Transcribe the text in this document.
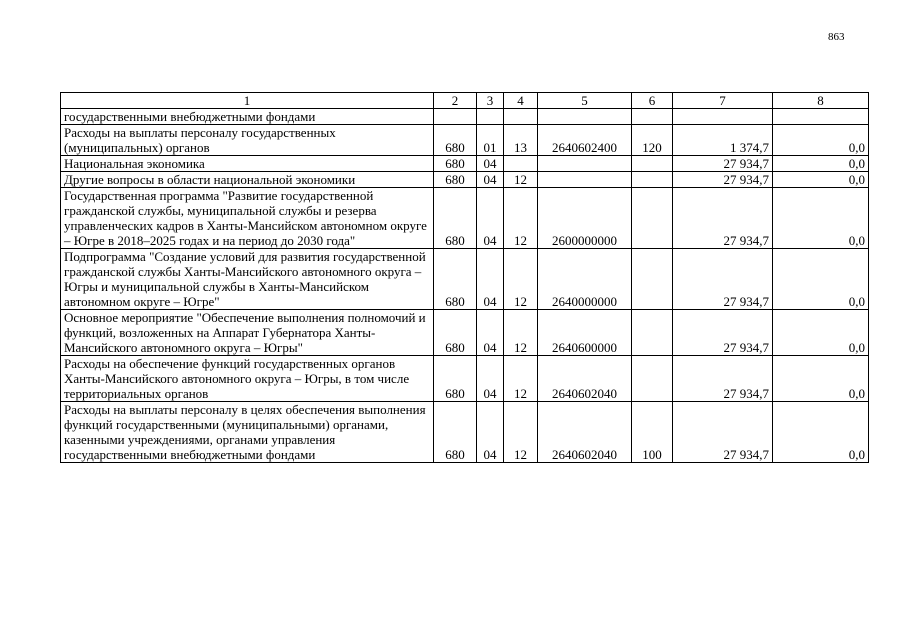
863
1	2	3	4	5	6	7	8
государственными внебюджетными фондами							
Расходы на выплаты персоналу государственных (муниципальных) органов	680	01	13	2640602400	120	1 374,7	0,0
Национальная экономика	680	04				27 934,7	0,0
Другие вопросы в области национальной экономики	680	04	12			27 934,7	0,0
Государственная программа "Развитие государственной гражданской службы, муниципальной службы и резерва управленческих кадров в Ханты-Мансийском автономном округе – Югре в 2018–2025 годах и на период до 2030 года"	680	04	12	2600000000		27 934,7	0,0
Подпрограмма "Создание условий для развития государственной гражданской службы Ханты-Мансийского автономного округа – Югры и муниципальной службы в Ханты-Мансийском автономном округе – Югре"	680	04	12	2640000000		27 934,7	0,0
Основное мероприятие "Обеспечение выполнения полномочий и функций, возложенных на Аппарат Губернатора Ханты-Мансийского автономного округа – Югры"	680	04	12	2640600000		27 934,7	0,0
Расходы на обеспечение функций государственных органов Ханты-Мансийского автономного округа – Югры, в том числе территориальных органов	680	04	12	2640602040		27 934,7	0,0
Расходы на выплаты персоналу в целях обеспечения выполнения функций государственными (муниципальными) органами, казенными учреждениями, органами управления государственными внебюджетными фондами	680	04	12	2640602040	100	27 934,7	0,0
